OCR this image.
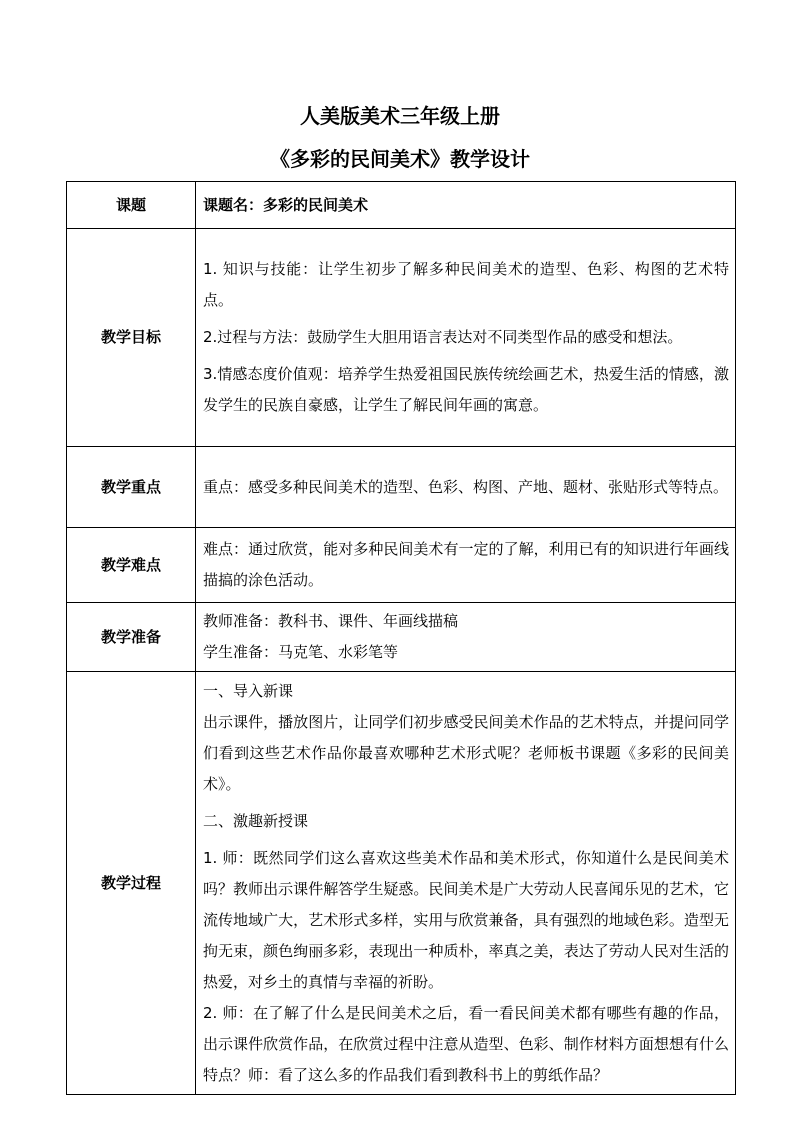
人美版美术三年级上册
《多彩的民间美术》教学设计
课题	课题名：多彩的民间美术
教学目标	1. 知识与技能：让学生初步了解多种民间美术的造型、色彩、构图的艺术特点。

2.过程与方法：鼓励学生大胆用语言表达对不同类型作品的感受和想法。

3.情感态度价值观：培养学生热爱祖国民族传统绘画艺术，热爱生活的情感，激发学生的民族自豪感，让学生了解民间年画的寓意。

教学重点	重点：感受多种民间美术的造型、色彩、构图、产地、题材、张贴形式等特点。
教学难点	难点：通过欣赏，能对多种民间美术有一定的了解，利用已有的知识进行年画线描搞的涂色活动。
教学准备	教师准备：教科书、课件、年画线描稿

学生准备：马克笔、水彩笔等

教学过程	一、导入新课

出示课件，播放图片，让同学们初步感受民间美术作品的艺术特点，并提问同学们看到这些艺术作品你最喜欢哪种艺术形式呢？老师板书课题《多彩的民间美术》。

二、激趣新授课

1. 师：既然同学们这么喜欢这些美术作品和美术形式，你知道什么是民间美术吗？教师出示课件解答学生疑惑。民间美术是广大劳动人民喜闻乐见的艺术，它流传地域广大，艺术形式多样，实用与欣赏兼备，具有强烈的地域色彩。造型无拘无束，颜色绚丽多彩，表现出一种质朴，率真之美，表达了劳动人民对生活的热爱，对乡土的真情与幸福的祈盼。

2. 师：在了解了什么是民间美术之后，看一看民间美术都有哪些有趣的作品，出示课件欣赏作品，在欣赏过程中注意从造型、色彩、制作材料方面想想有什么特点？师：看了这么多的作品我们看到教科书上的剪纸作品？
